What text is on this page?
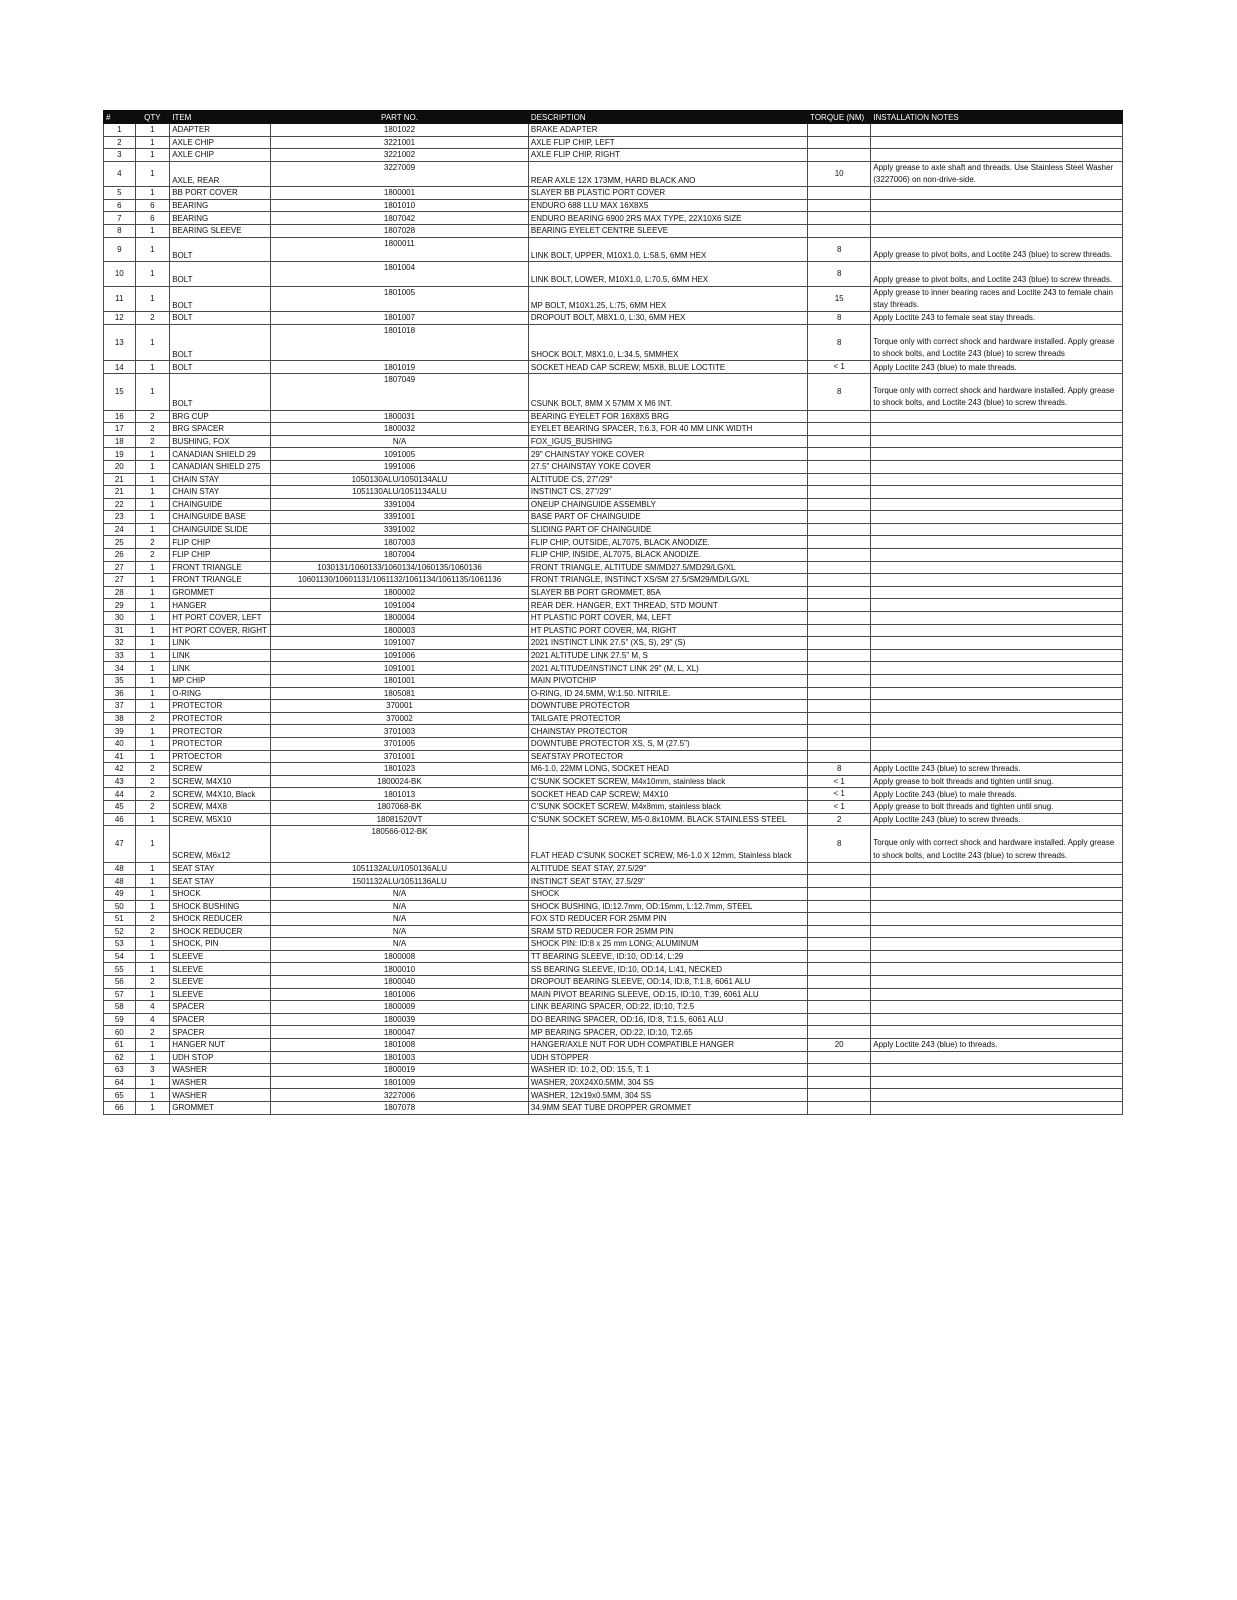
#	QTY	ITEM	PART NO.	DESCRIPTION	TORQUE (NM)	INSTALLATION NOTES
1	1	ADAPTER	1801022	BRAKE ADAPTER		
2	1	AXLE CHIP	3221001	AXLE FLIP CHIP, LEFT		
3	1	AXLE CHIP	3221002	AXLE FLIP CHIP, RIGHT		
4	1	AXLE, REAR	3227009	REAR AXLE 12X 173MM, HARD BLACK ANO	10	Apply grease to axle shaft and threads. Use Stainless Steel Washer (3227006) on non-drive-side.
5	1	BB PORT COVER	1800001	SLAYER BB PLASTIC PORT COVER		
6	6	BEARING	1801010	ENDURO 688 LLU MAX 16X8X5		
7	6	BEARING	1807042	ENDURO BEARING 6900 2RS MAX TYPE, 22X10X6 SIZE		
8	1	BEARING SLEEVE	1807028	BEARING EYELET CENTRE SLEEVE		
9	1	BOLT	1800011	LINK BOLT, UPPER, M10X1.0, L:58.5, 6MM HEX	8	Apply grease to pivot bolts, and Loctite 243 (blue) to screw threads.
10	1	BOLT	1801004	LINK BOLT, LOWER, M10X1.0, L:70.5, 6MM HEX	8	Apply grease to pivot bolts, and Loctite 243 (blue) to screw threads.
11	1	BOLT	1801005	MP BOLT, M10X1.25, L:75, 6MM HEX	15	Apply grease to inner bearing races and Loctite 243 to female chain stay threads.
12	2	BOLT	1801007	DROPOUT BOLT, M8X1.0, L:30, 6MM HEX	8	Apply Loctite 243 to female seat stay threads.
13	1	BOLT	1801018	SHOCK BOLT, M8X1.0, L:34.5, 5MMHEX	8	Torque only with correct shock and hardware installed. Apply grease to shock bolts, and Loctite 243 (blue) to screw threads
14	1	BOLT	1801019	SOCKET HEAD CAP SCREW; M5X8, BLUE LOCTITE	< 1	Apply Loctite 243 (blue) to male threads.
15	1	BOLT	1807049	CSUNK BOLT, 8MM X 57MM X M6 INT.	8	Torque only with correct shock and hardware installed. Apply grease to shock bolts, and Loctite 243 (blue) to screw threads.
16	2	BRG CUP	1800031	BEARING EYELET FOR 16X8X5 BRG		
17	2	BRG SPACER	1800032	EYELET BEARING SPACER, T:6.3, FOR 40 MM LINK WIDTH		
18	2	BUSHING, FOX	N/A	FOX_IGUS_BUSHING		
19	1	CANADIAN SHIELD 29	1091005	29" CHAINSTAY YOKE COVER		
20	1	CANADIAN SHIELD 275	1991006	27.5" CHAINSTAY YOKE COVER		
21	1	CHAIN STAY	1050130ALU/1050134ALU	ALTITUDE CS, 27"/29"		
21	1	CHAIN STAY	1051130ALU/1051134ALU	INSTINCT CS, 27"/29"		
22	1	CHAINGUIDE	3391004	ONEUP CHAINGUIDE ASSEMBLY		
23	1	CHAINGUIDE BASE	3391001	BASE PART OF CHAINGUIDE		
24	1	CHAINGUIDE SLIDE	3391002	SLIDING PART OF CHAINGUIDE		
25	2	FLIP CHIP	1807003	FLIP CHIP, OUTSIDE, AL7075, BLACK ANODIZE.		
26	2	FLIP CHIP	1807004	FLIP CHIP, INSIDE, AL7075, BLACK ANODIZE.		
27	1	FRONT TRIANGLE	1030131/1060133/1060134/1060135/1060136	FRONT TRIANGLE, ALTITUDE SM/MD27.5/MD29/LG/XL		
27	1	FRONT TRIANGLE	10601130/10601131/1061132/1061134/1061135/1061136	FRONT TRIANGLE, INSTINCT XS/SM 27.5/SM29/MD/LG/XL		
28	1	GROMMET	1800002	SLAYER BB PORT GROMMET, 85A		
29	1	HANGER	1091004	REAR DER. HANGER, EXT THREAD, STD MOUNT		
30	1	HT PORT COVER, LEFT	1800004	HT PLASTIC PORT COVER, M4, LEFT		
31	1	HT PORT COVER, RIGHT	1800003	HT PLASTIC PORT COVER, M4, RIGHT		
32	1	LINK	1091007	2021 INSTINCT LINK 27.5" (XS, S), 29" (S)		
33	1	LINK	1091006	2021 ALTITUDE LINK 27.5" M, S		
34	1	LINK	1091001	2021 ALTITUDE/INSTINCT LINK 29" (M, L, XL)		
35	1	MP CHIP	1801001	MAIN PIVOTCHIP		
36	1	O-RING	1805081	O-RING, ID 24.5MM, W:1.50. NITRILE.		
37	1	PROTECTOR	370001	DOWNTUBE PROTECTOR		
38	2	PROTECTOR	370002	TAILGATE PROTECTOR		
39	1	PROTECTOR	3701003	CHAINSTAY PROTECTOR		
40	1	PROTECTOR	3701005	DOWNTUBE PROTECTOR XS, S, M (27.5")		
41	1	PRTOECTOR	3701001	SEATSTAY PROTECTOR		
42	2	SCREW	1801023	M6-1.0, 22MM LONG, SOCKET HEAD	8	Apply Loctite 243 (blue) to screw threads.
43	2	SCREW, M4X10	1800024-BK	C'SUNK SOCKET SCREW, M4x10mm, stainless black	< 1	Apply grease to bolt threads and tighten until snug.
44	2	SCREW, M4X10, Black	1801013	SOCKET HEAD CAP SCREW; M4X10	< 1	Apply Loctite 243 (blue) to male threads.
45	2	SCREW, M4X8	1807068-BK	C'SUNK SOCKET SCREW, M4x8mm, stainless black	< 1	Apply grease to bolt threads and tighten until snug.
46	1	SCREW, M5X10	18081520VT	C'SUNK SOCKET SCREW, M5-0.8x10MM. BLACK STAINLESS STEEL	2	Apply Loctite 243 (blue) to screw threads.
47	1	SCREW, M6x12	180566-012-BK	FLAT HEAD C'SUNK SOCKET SCREW, M6-1.0 X 12mm, Stainless black	8	Torque only with correct shock and hardware installed. Apply grease to shock bolts, and Loctite 243 (blue) to screw threads.
48	1	SEAT STAY	1051132ALU/1050136ALU	ALTITUDE SEAT STAY, 27.5/29"		
48	1	SEAT STAY	1501132ALU/1051136ALU	INSTINCT SEAT STAY, 27.5/29"		
49	1	SHOCK	N/A	SHOCK		
50	1	SHOCK BUSHING	N/A	SHOCK BUSHING, ID:12.7mm, OD:15mm, L:12.7mm, STEEL		
51	2	SHOCK REDUCER	N/A	FOX STD REDUCER FOR 25MM PIN		
52	2	SHOCK REDUCER	N/A	SRAM STD REDUCER FOR 25MM PIN		
53	1	SHOCK, PIN	N/A	SHOCK PIN: ID:8 x 25 mm LONG; ALUMINUM		
54	1	SLEEVE	1800008	TT BEARING SLEEVE, ID:10, OD:14, L:29		
55	1	SLEEVE	1800010	SS BEARING SLEEVE, ID:10, OD:14, L:41, NECKED		
56	2	SLEEVE	1800040	DROPOUT BEARING SLEEVE, OD:14, ID:8, T:1.8, 6061 ALU		
57	1	SLEEVE	1801006	MAIN PIVOT BEARING SLEEVE, OD:15, ID:10, T:39, 6061 ALU		
58	4	SPACER	1800009	LINK BEARING SPACER, OD:22, ID:10, T:2.5		
59	4	SPACER	1800039	DO BEARING SPACER, OD:16, ID:8, T:1.5, 6061 ALU		
60	2	SPACER	1800047	MP BEARING SPACER, OD:22, ID:10, T:2.65		
61	1	HANGER NUT	1801008	HANGER/AXLE NUT FOR UDH COMPATIBLE HANGER	20	Apply Loctite 243 (blue) to threads.
62	1	UDH STOP	1801003	UDH STOPPER		
63	3	WASHER	1800019	WASHER ID: 10.2, OD: 15.5, T: 1		
64	1	WASHER	1801009	WASHER, 20X24X0.5MM, 304 SS		
65	1	WASHER	3227006	WASHER, 12x19x0.5MM, 304 SS		
66	1	GROMMET	1807078	34.9MM SEAT TUBE DROPPER GROMMET		
